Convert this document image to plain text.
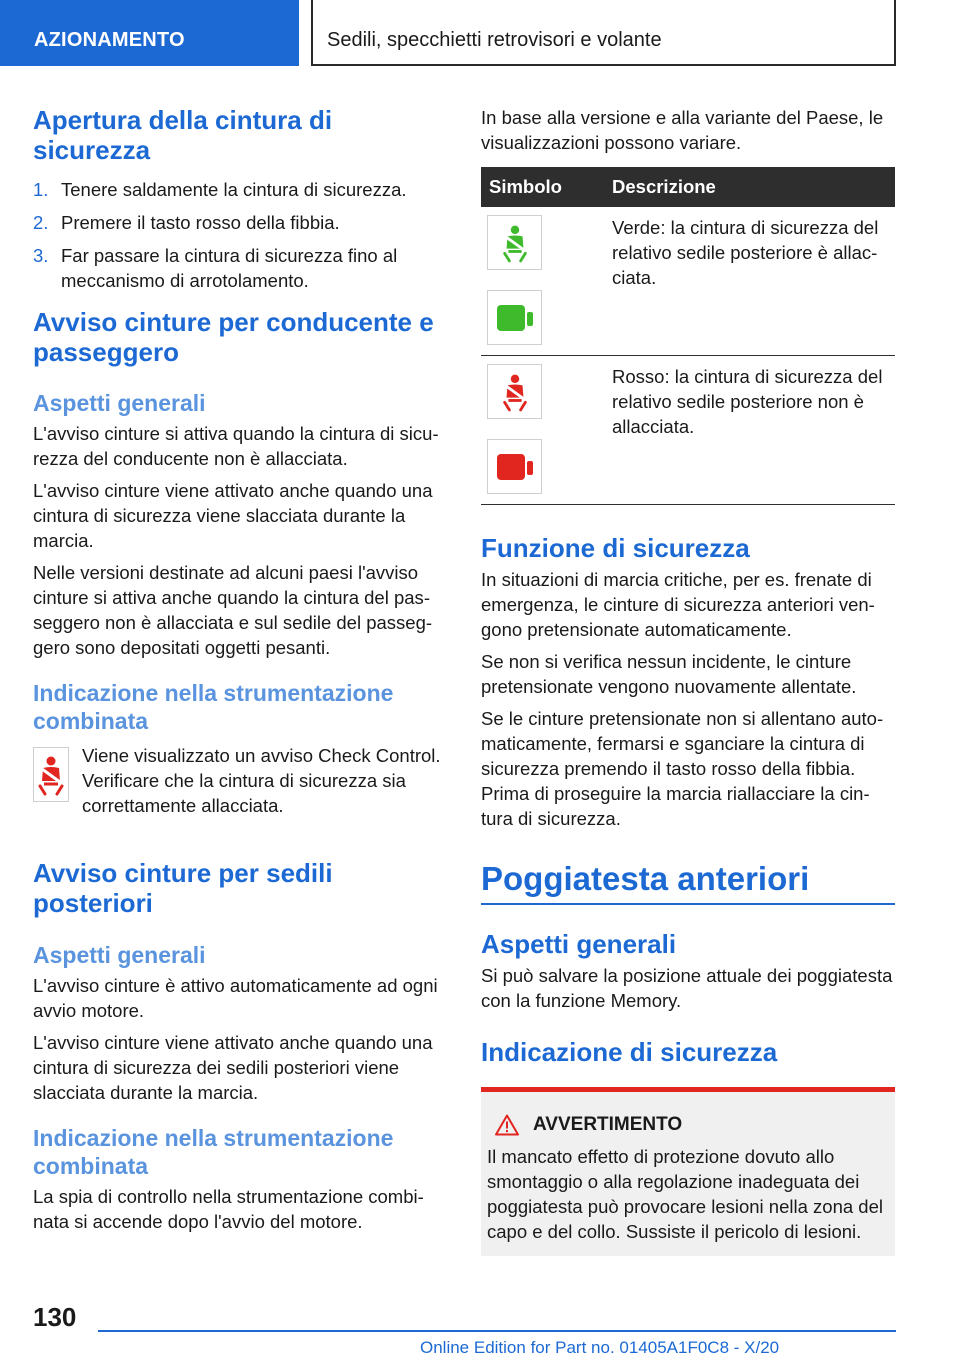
AZIONAMENTO	Sedili, specchietti retrovisori e volante
Apertura della cintura di sicurezza
1. Tenere saldamente la cintura di sicurezza.
2. Premere il tasto rosso della fibbia.
3. Far passare la cintura di sicurezza fino al meccanismo di arrotolamento.
Avviso cinture per conducente e passeggero
Aspetti generali
L'avviso cinture si attiva quando la cintura di sicurezza del conducente non è allacciata.
L'avviso cinture viene attivato anche quando una cintura di sicurezza viene slacciata durante la marcia.
Nelle versioni destinate ad alcuni paesi l'avviso cinture si attiva anche quando la cintura del passeggero non è allacciata e sul sedile del passeggero sono depositati oggetti pesanti.
Indicazione nella strumentazione combinata
Viene visualizzato un avviso Check Control. Verificare che la cintura di sicurezza sia correttamente allacciata.
Avviso cinture per sedili posteriori
Aspetti generali
L'avviso cinture è attivo automaticamente ad ogni avvio motore.
L'avviso cinture viene attivato anche quando una cintura di sicurezza dei sedili posteriori viene slacciata durante la marcia.
Indicazione nella strumentazione combinata
La spia di controllo nella strumentazione combinata si accende dopo l'avvio del motore.
In base alla versione e alla variante del Paese, le visualizzazioni possono variare.
Simbolo	Descrizione
Verde: la cintura di sicurezza del relativo sedile posteriore è allacciata.
Rosso: la cintura di sicurezza del relativo sedile posteriore non è allacciata.
Funzione di sicurezza
In situazioni di marcia critiche, per es. frenate di emergenza, le cinture di sicurezza anteriori vengono pretensionate automaticamente.
Se non si verifica nessun incidente, le cinture pretensionate vengono nuovamente allentate.
Se le cinture pretensionate non si allentano automaticamente, fermarsi e sganciare la cintura di sicurezza premendo il tasto rosso della fibbia. Prima di proseguire la marcia riallacciare la cintura di sicurezza.
Poggiatesta anteriori
Aspetti generali
Si può salvare la posizione attuale dei poggiatesta con la funzione Memory.
Indicazione di sicurezza
AVVERTIMENTO
Il mancato effetto di protezione dovuto allo smontaggio o alla regolazione inadeguata dei poggiatesta può provocare lesioni nella zona del capo e del collo. Sussiste il pericolo di lesioni.
130
Online Edition for Part no. 01405A1F0C8 - X/20
